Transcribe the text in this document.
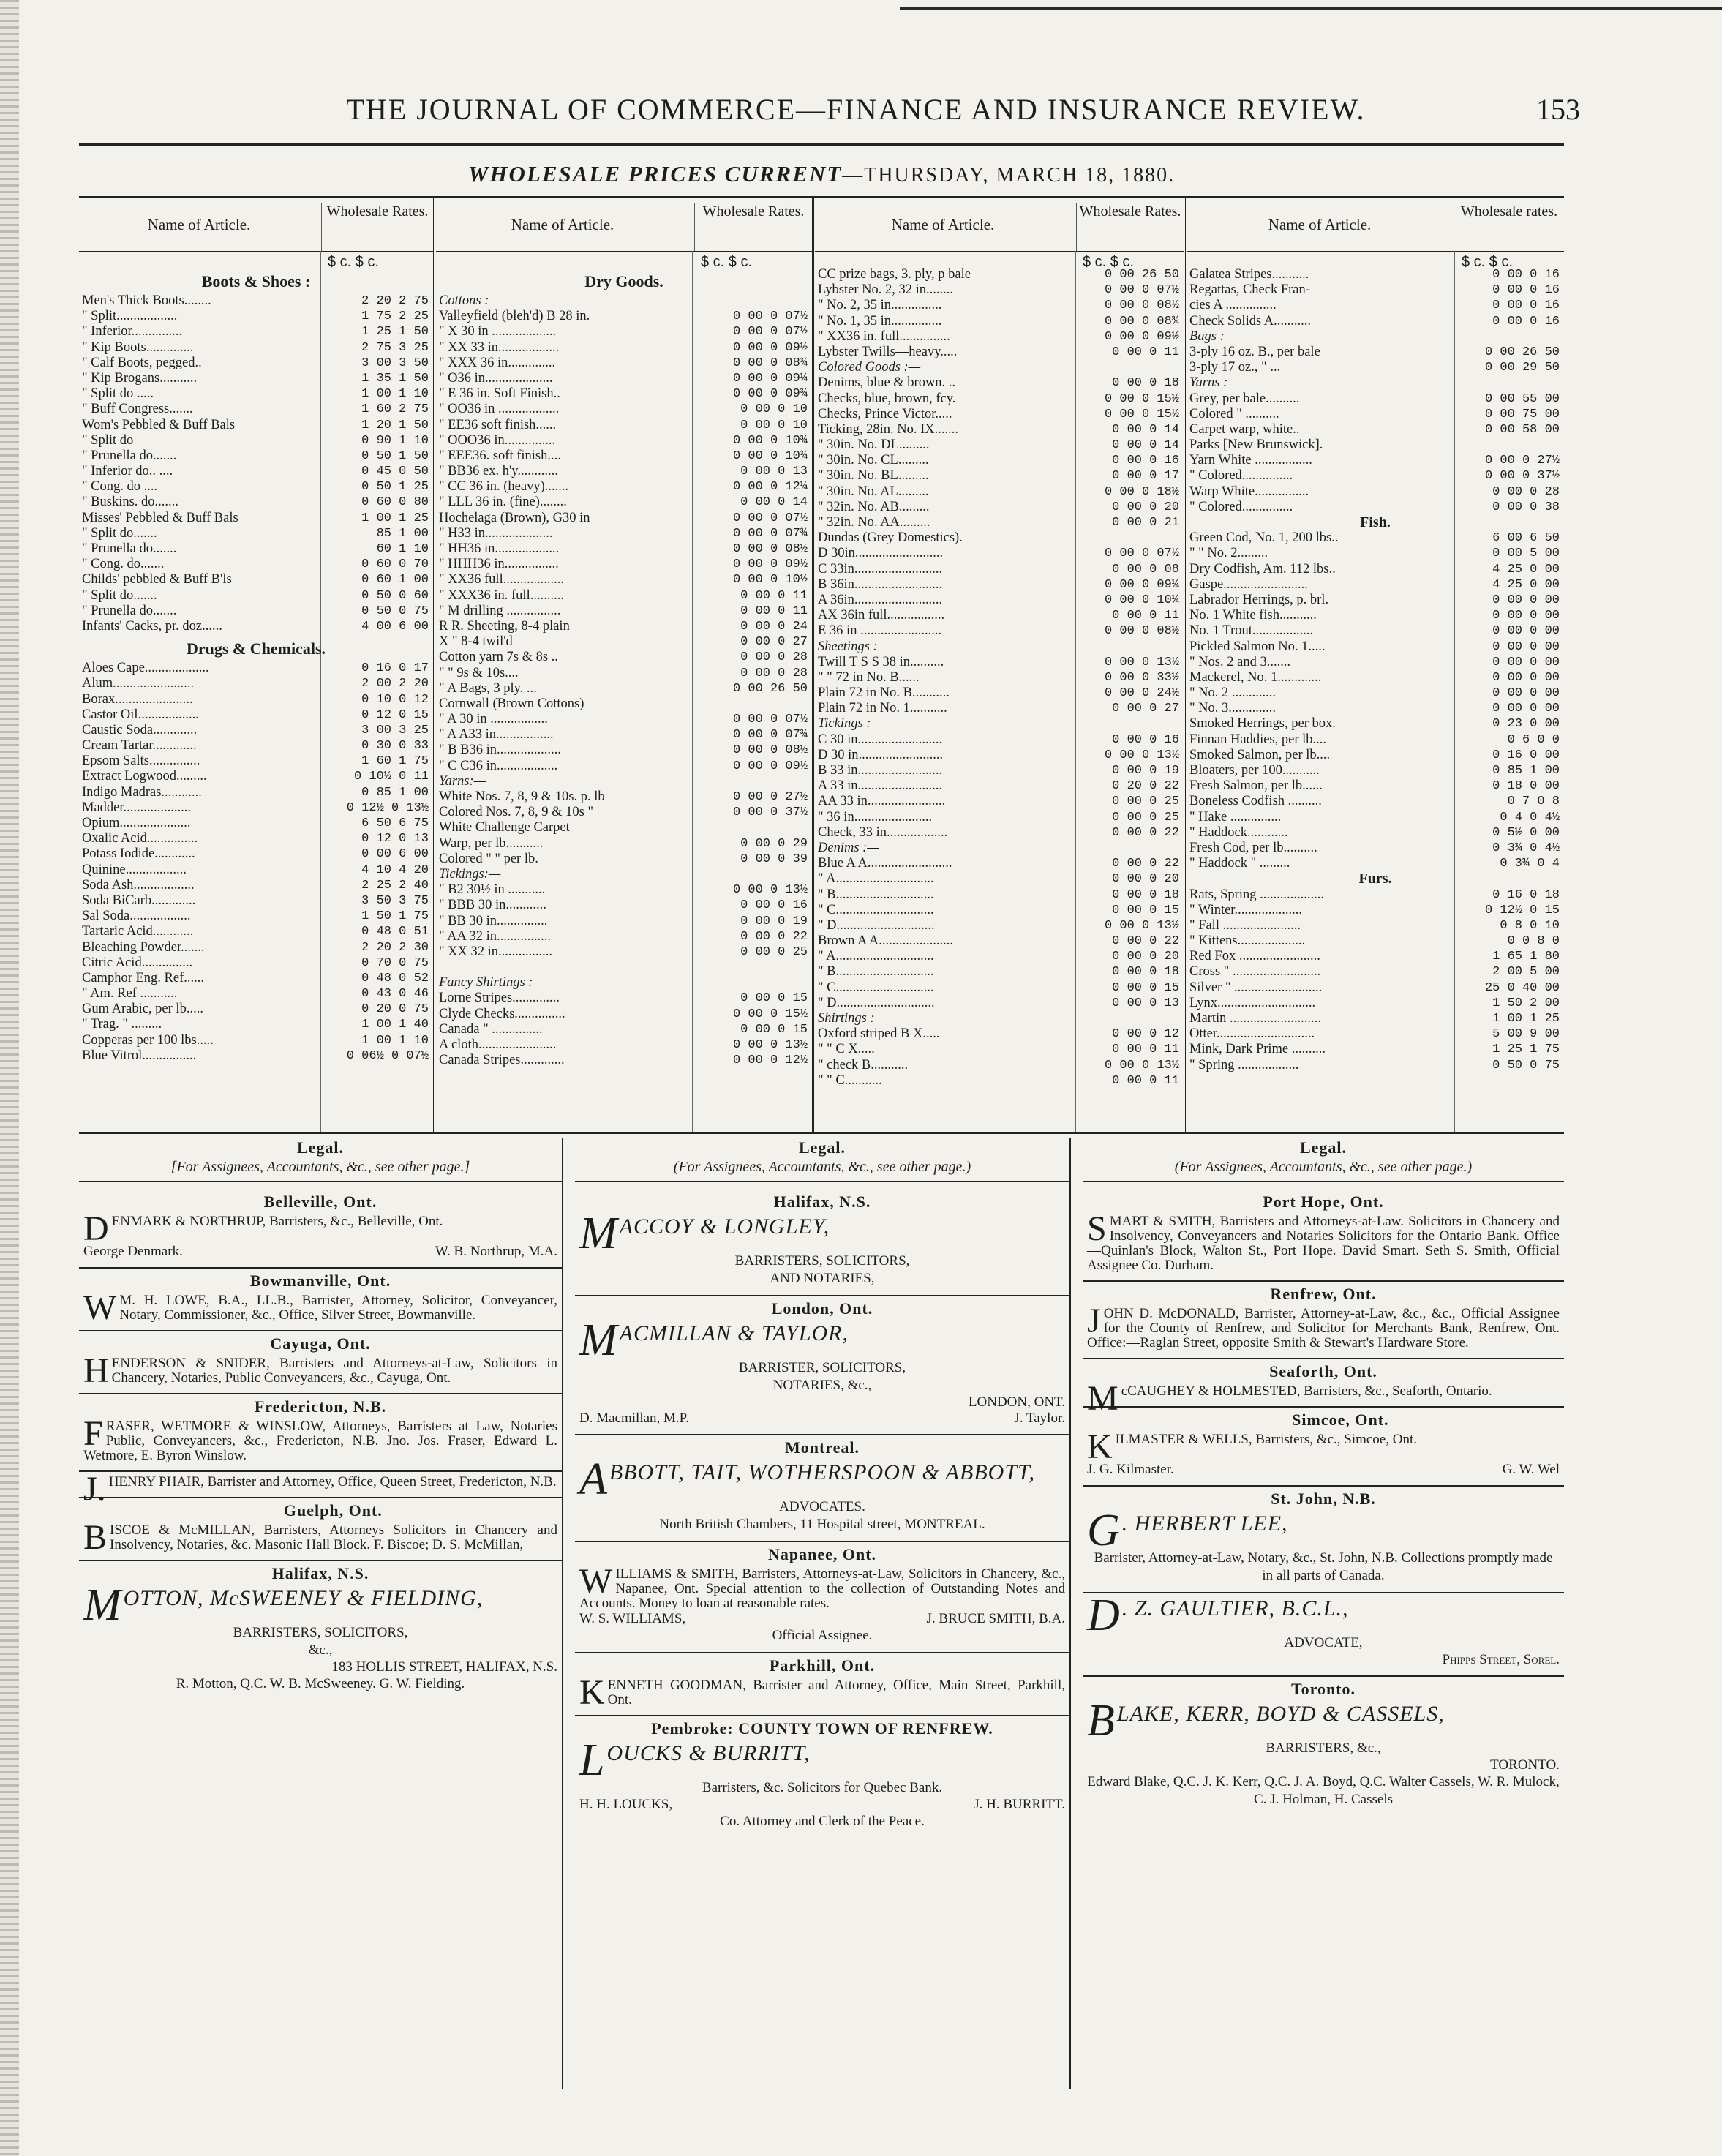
THE JOURNAL OF COMMERCE—FINANCE AND INSURANCE REVIEW.	153
WHOLESALE PRICES CURRENT—THURSDAY, MARCH 18, 1880.
Name of Article.
Wholesale Rates.
$ c. $ c.
Boots & Shoes :
Men's Thick Boots........	2 20 2 75
" Split..................	1 75 2 25
" Inferior...............	1 25 1 50
" Kip Boots..............	2 75 3 25
" Calf Boots, pegged..	3 00 3 50
" Kip Brogans...........	1 35 1 50
" Split do .....	1 00 1 10
" Buff Congress.......	1 60 2 75
Wom's Pebbled & Buff Bals	1 20 1 50
" Split do	0 90 1 10
" Prunella do.......	0 50 1 50
" Inferior do.. ....	0 45 0 50
" Cong. do ....	0 50 1 25
" Buskins. do.......	0 60 0 80
Misses' Pebbled & Buff Bals	1 00 1 25
" Split do.......	85 1 00
" Prunella do.......	60 1 10
" Cong. do.......	0 60 0 70
Childs' pebbled & Buff B'ls	0 60 1 00
" Split do.......	0 50 0 60
" Prunella do.......	0 50 0 75
Infants' Cacks, pr. doz......	4 00 6 00
Drugs & Chemicals.
Aloes Cape...................	0 16 0 17
Alum........................	2 00 2 20
Borax.......................	0 10 0 12
Castor Oil..................	0 12 0 15
Caustic Soda.............	3 00 3 25
Cream Tartar.............	0 30 0 33
Epsom Salts...............	1 60 1 75
Extract Logwood.........	0 10½ 0 11
Indigo Madras............	0 85 1 00
Madder....................	0 12½ 0 13½
Opium.....................	6 50 6 75
Oxalic Acid...............	0 12 0 13
Potass Iodide............	0 00 6 00
Quinine..................	4 10 4 20
Soda Ash..................	2 25 2 40
Soda BiCarb.............	3 50 3 75
Sal Soda..................	1 50 1 75
Tartaric Acid............	0 48 0 51
Bleaching Powder.......	2 20 2 30
Citric Acid...............	0 70 0 75
Camphor Eng. Ref......	0 48 0 52
" Am. Ref ...........	0 43 0 46
Gum Arabic, per lb.....	0 20 0 75
" Trag. " .........	1 00 1 40
Copperas per 100 lbs.....	1 00 1 10
Blue Vitrol................	0 06½ 0 07½
Name of Article.
Wholesale Rates.
$ c. $ c.
Dry Goods.
Cottons :
Valleyfield (bleh'd) B 28 in.	0 00 0 07½
" X 30 in ...................	0 00 0 07½
" XX 33 in..................	0 00 0 09½
" XXX 36 in..............	0 00 0 08¾
" O36 in....................	0 00 0 09¼
" E 36 in. Soft Finish..	0 00 0 09¾
" OO36 in ..................	0 00 0 10
" EE36 soft finish......	0 00 0 10
" OOO36 in...............	0 00 0 10¾
" EEE36. soft finish....	0 00 0 10¾
" BB36 ex. h'y............	0 00 0 13
" CC 36 in. (heavy).......	0 00 0 12¼
" LLL 36 in. (fine)........	0 00 0 14
Hochelaga (Brown), G30 in	0 00 0 07½
" H33 in....................	0 00 0 07¾
" HH36 in...................	0 00 0 08½
" HHH36 in................	0 00 0 09½
" XX36 full..................	0 00 0 10½
" XXX36 in. full..........	0 00 0 11
" M drilling ................	0 00 0 11
R R. Sheeting, 8-4 plain	0 00 0 24
X " 8-4 twil'd	0 00 0 27
Cotton yarn 7s & 8s ..	0 00 0 28
" " 9s & 10s....	0 00 0 28
" A Bags, 3 ply. ...	0 00 26 50
Cornwall (Brown Cottons)
" A 30 in .................	0 00 0 07½
" A A33 in.................	0 00 0 07¾
" B B36 in...................	0 00 0 08½
" C C36 in..................	0 00 0 09½
Yarns:—
White Nos. 7, 8, 9 & 10s. p. lb	0 00 0 27½
Colored Nos. 7, 8, 9 & 10s "	0 00 0 37½
White Challenge Carpet
Warp, per lb...........	0 00 0 29
Colored " " per lb.	0 00 0 39
Tickings:—
" B2 30½ in ...........	0 00 0 13½
" BBB 30 in............	0 00 0 16
" BB 30 in...............	0 00 0 19
" AA 32 in................	0 00 0 22
" XX 32 in................	0 00 0 25
Fancy Shirtings :—
Lorne Stripes..............	0 00 0 15
Clyde Checks...............	0 00 0 15½
Canada " ...............	0 00 0 15
A cloth.......................	0 00 0 13½
Canada Stripes.............	0 00 0 12½
Name of Article.
Wholesale Rates.
$ c. $ c.
CC prize bags, 3. ply, p bale	0 00 26 50
Lybster No. 2, 32 in........	0 00 0 07½
" No. 2, 35 in...............	0 00 0 08½
" No. 1, 35 in...............	0 00 0 08¾
" XX36 in. full...............	0 00 0 09½
Lybster Twills—heavy.....	0 00 0 11
Colored Goods :—
Denims, blue & brown. ..	0 00 0 18
Checks, blue, brown, fcy.	0 00 0 15½
Checks, Prince Victor.....	0 00 0 15½
Ticking, 28in. No. IX.......	0 00 0 14
" 30in. No. DL.........	0 00 0 14
" 30in. No. CL.........	0 00 0 16
" 30in. No. BL.........	0 00 0 17
" 30in. No. AL.........	0 00 0 18½
" 32in. No. AB.........	0 00 0 20
" 32in. No. AA.........	0 00 0 21
Dundas (Grey Domestics).
D 30in..........................	0 00 0 07½
C 33in..........................	0 00 0 08
B 36in..........................	0 00 0 09¼
A 36in..........................	0 00 0 10¼
AX 36in full.................	0 00 0 11
E 36 in ........................	0 00 0 08½
Sheetings :—
Twill T S S 38 in..........	0 00 0 13½
" " 72 in No. B......	0 00 0 33½
Plain 72 in No. B...........	0 00 0 24½
Plain 72 in No. 1...........	0 00 0 27
Tickings :—
C 30 in.........................	0 00 0 16
D 30 in.........................	0 00 0 13½
B 33 in.........................	0 00 0 19
A 33 in.........................	0 20 0 22
AA 33 in.......................	0 00 0 25
" 36 in.......................	0 00 0 25
Check, 33 in..................	0 00 0 22
Denims :—
Blue A A.........................	0 00 0 22
" A.............................	0 00 0 20
" B.............................	0 00 0 18
" C.............................	0 00 0 15
" D.............................	0 00 0 13½
Brown A A......................	0 00 0 22
" A.............................	0 00 0 20
" B.............................	0 00 0 18
" C.............................	0 00 0 15
" D.............................	0 00 0 13
Shirtings :
Oxford striped B X.....	0 00 0 12
" " C X.....	0 00 0 11
" check B...........	0 00 0 13½
" " C...........	0 00 0 11
Name of Article.
Wholesale rates.
$ c. $ c.
Galatea Stripes...........	0 00 0 16
Regattas, Check Fran-	0 00 0 16
cies A ...............	0 00 0 16
Check Solids A...........	0 00 0 16
Bags :—
3-ply 16 oz. B., per bale	0 00 26 50
3-ply 17 oz., " ...	0 00 29 50
Yarns :—
Grey, per bale..........	0 00 55 00
Colored " ..........	0 00 75 00
Carpet warp, white..	0 00 58 00
Parks [New Brunswick].
Yarn White .................	0 00 0 27½
" Colored...............	0 00 0 37½
Warp White................	0 00 0 28
" Colored...............	0 00 0 38
Fish.
Green Cod, No. 1, 200 lbs..	6 00 6 50
" " No. 2.........	0 00 5 00
Dry Codfish, Am. 112 lbs..	4 25 0 00
Gaspe.........................	4 25 0 00
Labrador Herrings, p. brl.	0 00 0 00
No. 1 White fish...........	0 00 0 00
No. 1 Trout..................	0 00 0 00
Pickled Salmon No. 1.....	0 00 0 00
" Nos. 2 and 3.......	0 00 0 00
Mackerel, No. 1.............	0 00 0 00
" No. 2 .............	0 00 0 00
" No. 3..............	0 00 0 00
Smoked Herrings, per box.	0 23 0 00
Finnan Haddies, per lb....	0 6 0 0
Smoked Salmon, per lb....	0 16 0 00
Bloaters, per 100...........	0 85 1 00
Fresh Salmon, per lb......	0 18 0 00
Boneless Codfish ..........	0 7 0 8
" Hake ...............	0 4 0 4½
" Haddock............	0 5½ 0 00
Fresh Cod, per lb..........	0 3¾ 0 4½
" Haddock " .........	0 3¾ 0 4
Furs.
Rats, Spring ...................	0 16 0 18
" Winter....................	0 12½ 0 15
" Fall .......................	0 8 0 10
" Kittens....................	0 0 8 0
Red Fox ........................	1 65 1 80
Cross " ..........................	2 00 5 00
Silver " ..........................	25 0 40 00
Lynx.............................	1 50 2 00
Martin ...........................	1 00 1 25
Otter.............................	5 00 9 00
Mink, Dark Prime ..........	1 25 1 75
" Spring ..................	0 50 0 75
Legal.
[For Assignees, Accountants, &c., see other page.]
Belleville, Ont.
DENMARK & NORTHRUP, Barristers, &c., Belleville, Ont.
George Denmark.	W. B. Northrup, M.A.
Bowmanville, Ont.
W M. H. LOWE, B.A., LL.B., Barrister, Attorney, Solicitor, Conveyancer, Notary, Commissioner, &c., Office, Silver Street, Bowmanville.
Cayuga, Ont.
HENDERSON & SNIDER, Barristers and Attorneys-at-Law, Solicitors in Chancery, Notaries, Public Conveyancers, &c., Cayuga, Ont.
Fredericton, N.B.
FRASER, WETMORE & WINSLOW, Attorneys, Barristers at Law, Notaries Public, Conveyancers, &c., Fredericton, N.B. Jno. Jos. Fraser, Edward L. Wetmore, E. Byron Winslow.
J. HENRY PHAIR, Barrister and Attorney, Office, Queen Street, Fredericton, N.B.
Guelph, Ont.
BISCOE & McMILLAN, Barristers, Attorneys Solicitors in Chancery and Insolvency, Notaries, &c. Masonic Hall Block. F. Biscoe; D. S. McMillan,
Halifax, N.S.
MOTTON, McSWEENEY & FIELDING,
BARRISTERS, SOLICITORS,
&c.,
183 HOLLIS STREET, HALIFAX, N.S.
R. Motton, Q.C. W. B. McSweeney. G. W. Fielding.
Legal.
(For Assignees, Accountants, &c., see other page.)
Halifax, N.S.
MACCOY & LONGLEY,
BARRISTERS, SOLICITORS,
AND NOTARIES,
London, Ont.
MACMILLAN & TAYLOR,
BARRISTER, SOLICITORS,
NOTARIES, &c.,
LONDON, ONT.
D. Macmillan, M.P.	J. Taylor.
Montreal.
ABBOTT, TAIT, WOTHERSPOON & ABBOTT,
ADVOCATES.
North British Chambers, 11 Hospital street, MONTREAL.
Napanee, Ont.
WILLIAMS & SMITH, Barristers, Attorneys-at-Law, Solicitors in Chancery, &c., Napanee, Ont. Special attention to the collection of Outstanding Notes and Accounts. Money to loan at reasonable rates.
W. S. WILLIAMS,	J. BRUCE SMITH, B.A.
Official Assignee.
Parkhill, Ont.
KENNETH GOODMAN, Barrister and Attorney, Office, Main Street, Parkhill, Ont.
Pembroke: COUNTY TOWN OF RENFREW.
LOUCKS & BURRITT,
Barristers, &c. Solicitors for Quebec Bank.
H. H. LOUCKS,	J. H. BURRITT.
Co. Attorney and Clerk of the Peace.
Legal.
(For Assignees, Accountants, &c., see other page.)
Port Hope, Ont.
SMART & SMITH, Barristers and Attorneys-at-Law. Solicitors in Chancery and Insolvency, Conveyancers and Notaries Solicitors for the Ontario Bank. Office—Quinlan's Block, Walton St., Port Hope. David Smart. Seth S. Smith, Official Assignee Co. Durham.
Renfrew, Ont.
JOHN D. McDONALD, Barrister, Attorney-at-Law, &c., &c., Official Assignee for the County of Renfrew, and Solicitor for Merchants Bank, Renfrew, Ont. Office:—Raglan Street, opposite Smith & Stewart's Hardware Store.
Seaforth, Ont.
McCAUGHEY & HOLMESTED, Barristers, &c., Seaforth, Ontario.
Simcoe, Ont.
KILMASTER & WELLS, Barristers, &c., Simcoe, Ont.
J. G. Kilmaster.	G. W. Wel
St. John, N.B.
G . HERBERT LEE,
Barrister, Attorney-at-Law, Notary, &c., St. John, N.B. Collections promptly made in all parts of Canada.
D . Z. GAULTIER, B.C.L.,
ADVOCATE,
Phipps Street, Sorel.
Toronto.
BLAKE, KERR, BOYD & CASSELS,
BARRISTERS, &c.,
TORONTO.
Edward Blake, Q.C. J. K. Kerr, Q.C. J. A. Boyd, Q.C. Walter Cassels, W. R. Mulock, C. J. Holman, H. Cassels
